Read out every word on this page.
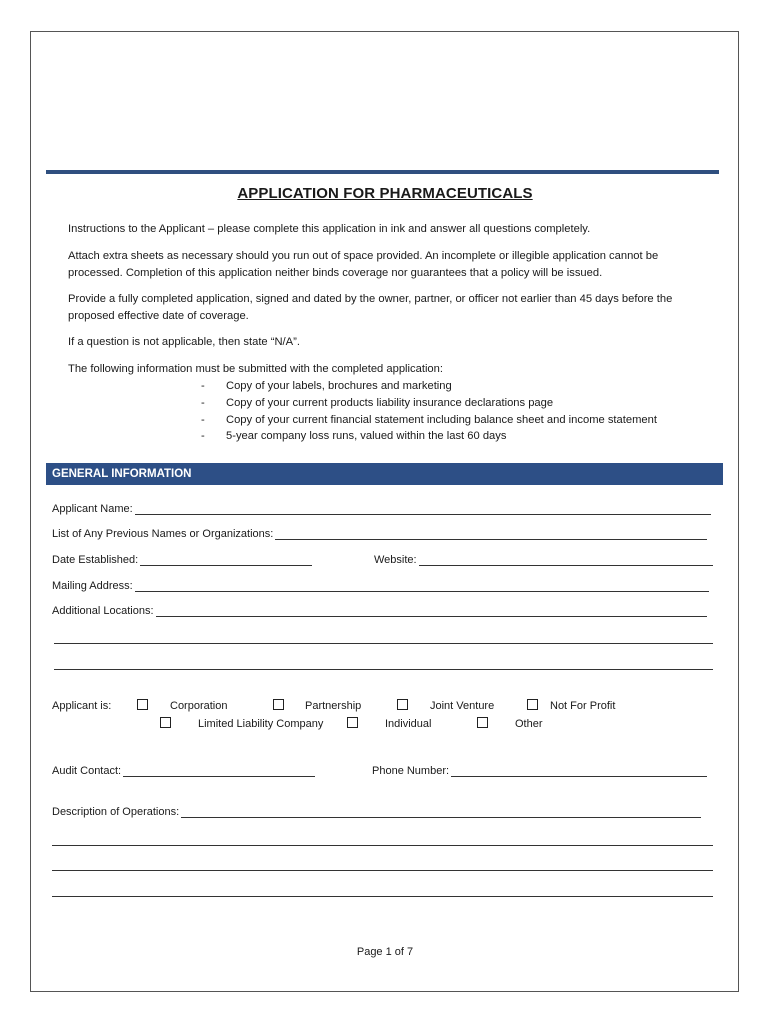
APPLICATION FOR PHARMACEUTICALS
Instructions to the Applicant – please complete this application in ink and answer all questions completely.
Attach extra sheets as necessary should you run out of space provided. An incomplete or illegible application cannot be processed. Completion of this application neither binds coverage nor guarantees that a policy will be issued.
Provide a fully completed application, signed and dated by the owner, partner, or officer not earlier than 45 days before the proposed effective date of coverage.
If a question is not applicable, then state “N/A”.
The following information must be submitted with the completed application:
- Copy of your labels, brochures and marketing
- Copy of your current products liability insurance declarations page
- Copy of your current financial statement including balance sheet and income statement
- 5-year company loss runs, valued within the last 60 days
GENERAL INFORMATION
Applicant Name:
List of Any Previous Names or Organizations:
Date Established:	Website:
Mailing Address:
Additional Locations:
Applicant is:	Corporation	Partnership	Joint Venture	Not For Profit
Limited Liability Company	Individual	Other
Audit Contact:	Phone Number:
Description of Operations:
Page 1 of 7
